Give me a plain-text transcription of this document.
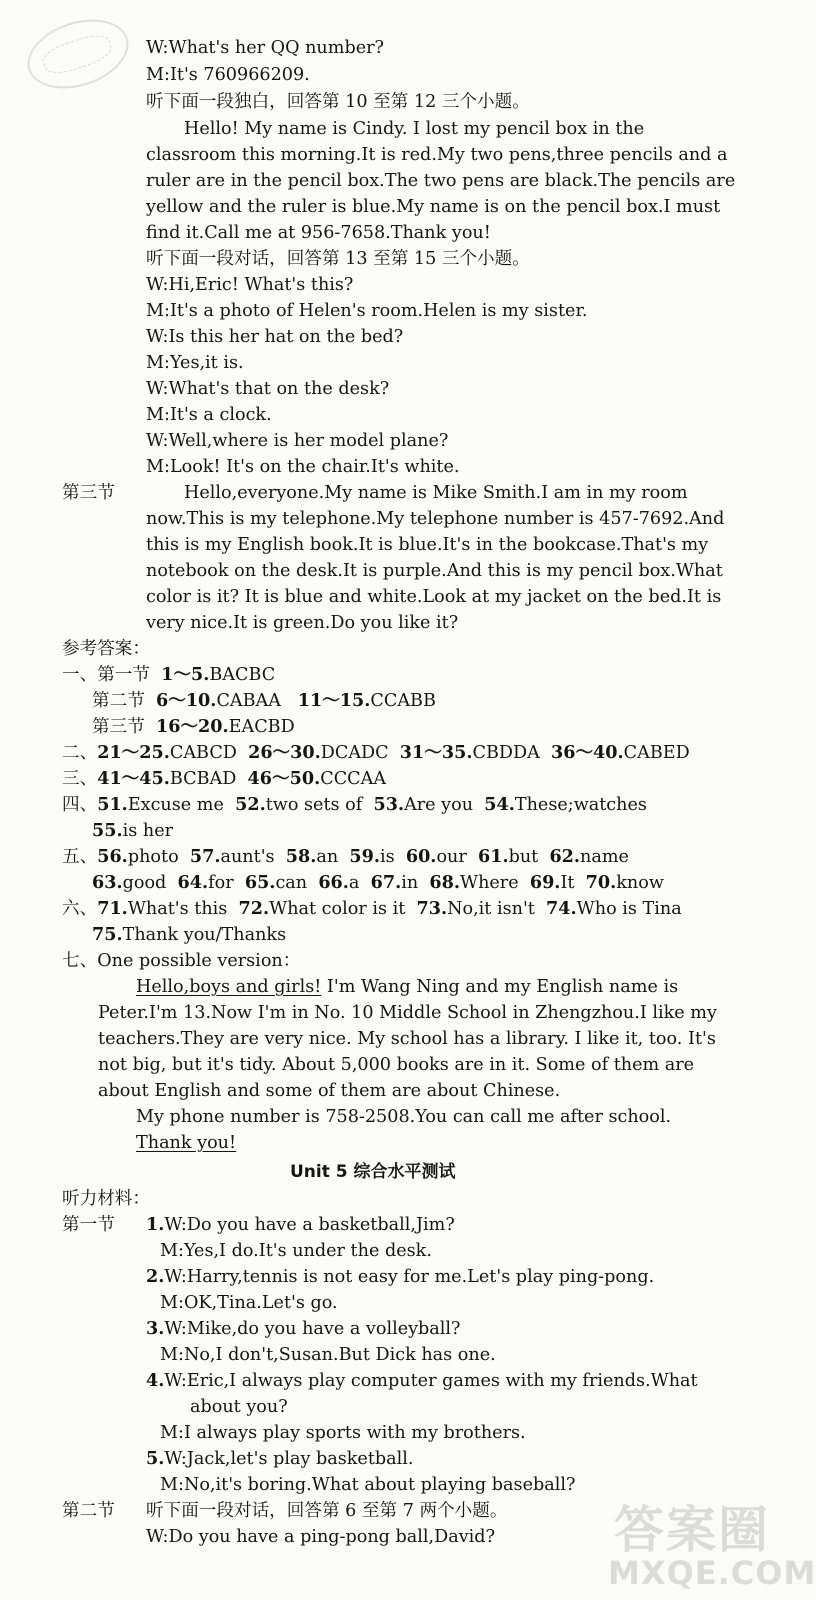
W:What's her QQ number?

M:It's 760966209.

听下面一段独白，回答第 10 至第 12 三个小题。

Hello! My name is Cindy. I lost my pencil box in the

classroom this morning.It is red.My two pens,three pencils and a

ruler are in the pencil box.The two pens are black.The pencils are

yellow and the ruler is blue.My name is on the pencil box.I must

find it.Call me at 956-7658.Thank you!

听下面一段对话，回答第 13 至第 15 三个小题。

W:Hi,Eric! What's this?

M:It's a photo of Helen's room.Helen is my sister.

W:Is this her hat on the bed?

M:Yes,it is.

W:What's that on the desk?

M:It's a clock.

W:Well,where is her model plane?

M:Look! It's on the chair.It's white.

第三节	Hello,everyone.My name is Mike Smith.I am in my room

now.This is my telephone.My telephone number is 457-7692.And

this is my English book.It is blue.It's in the bookcase.That's my

notebook on the desk.It is purple.And this is my pencil box.What

color is it? It is blue and white.Look at my jacket on the bed.It is

very nice.It is green.Do you like it?

参考答案：

一、第一节 1～5.BACBC

第二节 6～10.CABAA 11～15.CCABB

第三节 16～20.EACBD

二、21～25.CABCD 26～30.DCADC 31～35.CBDDA 36～40.CABED

三、41～45.BCBAD 46～50.CCCAA

四、51.Excuse me 52.two sets of 53.Are you 54.These;watches

55.is her

五、56.photo 57.aunt's 58.an 59.is 60.our 61.but 62.name

63.good 64.for 65.can 66.a 67.in 68.Where 69.It 70.know

六、71.What's this 72.What color is it 73.No,it isn't 74.Who is Tina

75.Thank you/Thanks

七、One possible version：

Hello,boys and girls! I'm Wang Ning and my English name is

Peter.I'm 13.Now I'm in No. 10 Middle School in Zhengzhou.I like my

teachers.They are very nice. My school has a library. I like it, too. It's

not big, but it's tidy. About 5,000 books are in it. Some of them are

about English and some of them are about Chinese.

My phone number is 758-2508.You can call me after school.

Thank you!

Unit 5 综合水平测试

听力材料：

第一节 1.W:Do you have a basketball,Jim?

M:Yes,I do.It's under the desk.

2.W:Harry,tennis is not easy for me.Let's play ping-pong.

M:OK,Tina.Let's go.

3.W:Mike,do you have a volleyball?

M:No,I don't,Susan.But Dick has one.

4.W:Eric,I always play computer games with my friends.What

about you?

M:I always play sports with my brothers.

5.W:Jack,let's play basketball.

M:No,it's boring.What about playing baseball?

第二节 听下面一段对话，回答第 6 至第 7 两个小题。

W:Do you have a ping-pong ball,David? 答案圈
MXQE.COM
